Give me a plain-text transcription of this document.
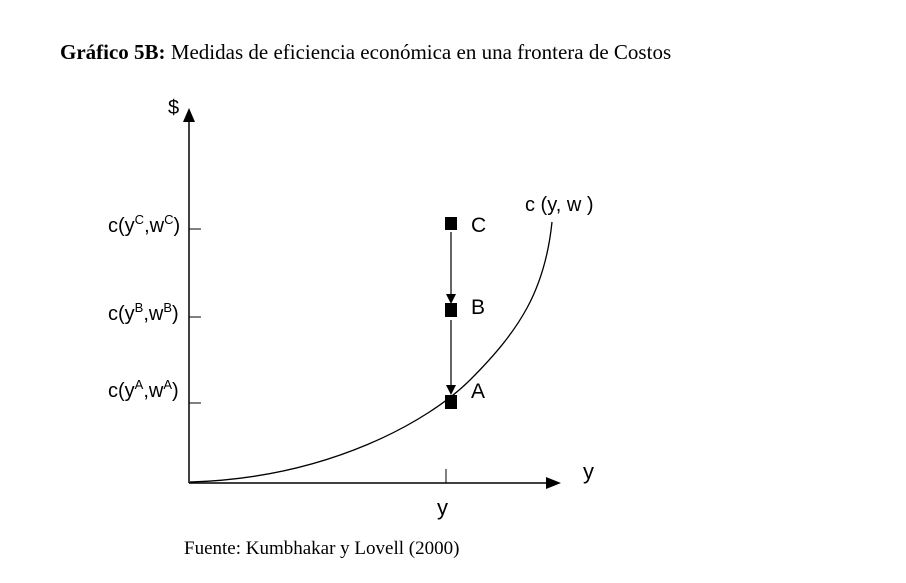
Gráfico 5B: Medidas de eficiencia económica en una frontera de Costos
$
y
y
$c(y^C,w^C)$
$c(y^B,w^B)$
$c(y^A,w^A)$
c (y, w )
C
B
A
Fuente: Kumbhakar y Lovell (2000)
